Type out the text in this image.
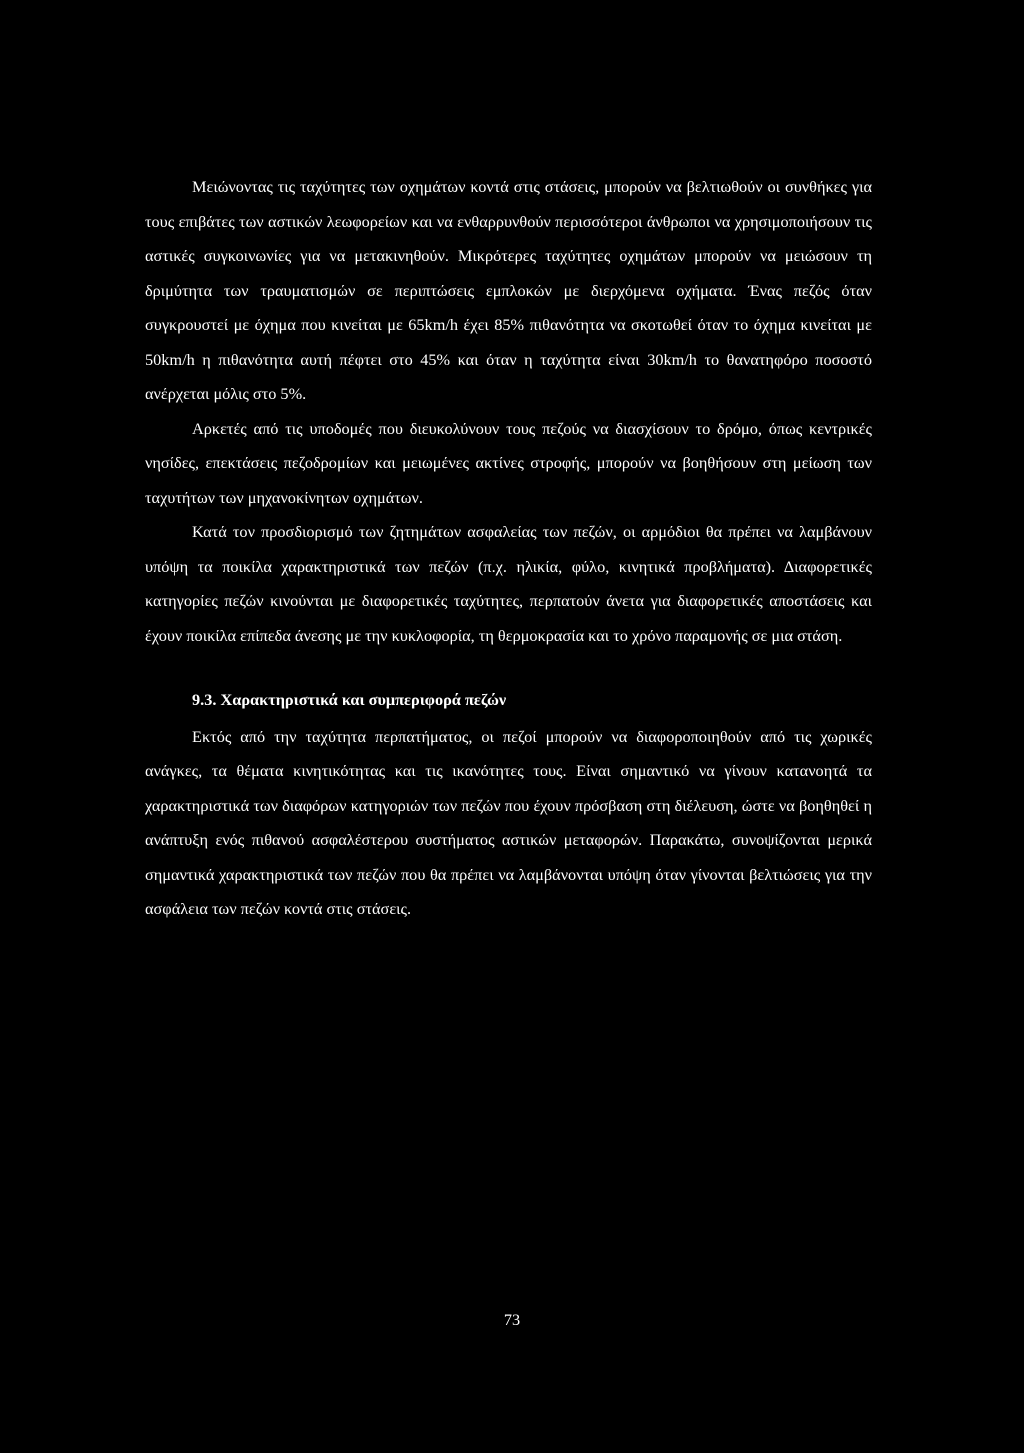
Μειώνοντας τις ταχύτητες των οχημάτων κοντά στις στάσεις, μπορούν να βελτιωθούν οι συνθήκες για τους επιβάτες των αστικών λεωφορείων και να ενθαρρυνθούν περισσότεροι άνθρωποι να χρησιμοποιήσουν τις αστικές συγκοινωνίες για να μετακινηθούν. Μικρότερες ταχύτητες οχημάτων μπορούν να μειώσουν τη δριμύτητα των τραυματισμών σε περιπτώσεις εμπλοκών με διερχόμενα οχήματα. Ένας πεζός όταν συγκρουστεί με όχημα που κινείται με 65km/h έχει 85% πιθανότητα να σκοτωθεί όταν το όχημα κινείται με 50km/h η πιθανότητα αυτή πέφτει στο 45% και όταν η ταχύτητα είναι 30km/h το θανατηφόρο ποσοστό ανέρχεται μόλις στο 5%.

Αρκετές από τις υποδομές που διευκολύνουν τους πεζούς να διασχίσουν το δρόμο, όπως κεντρικές νησίδες, επεκτάσεις πεζοδρομίων και μειωμένες ακτίνες στροφής, μπορούν να βοηθήσουν στη μείωση των ταχυτήτων των μηχανοκίνητων οχημάτων.

Κατά τον προσδιορισμό των ζητημάτων ασφαλείας των πεζών, οι αρμόδιοι θα πρέπει να λαμβάνουν υπόψη τα ποικίλα χαρακτηριστικά των πεζών (π.χ. ηλικία, φύλο, κινητικά προβλήματα). Διαφορετικές κατηγορίες πεζών κινούνται με διαφορετικές ταχύτητες, περπατούν άνετα για διαφορετικές αποστάσεις και έχουν ποικίλα επίπεδα άνεσης με την κυκλοφορία, τη θερμοκρασία και το χρόνο παραμονής σε μια στάση.

9.3. Χαρακτηριστικά και συμπεριφορά πεζών

Εκτός από την ταχύτητα περπατήματος, οι πεζοί μπορούν να διαφοροποιηθούν από τις χωρικές ανάγκες, τα θέματα κινητικότητας και τις ικανότητες τους. Είναι σημαντικό να γίνουν κατανοητά τα χαρακτηριστικά των διαφόρων κατηγοριών των πεζών που έχουν πρόσβαση στη διέλευση, ώστε να βοηθηθεί η ανάπτυξη ενός πιθανού ασφαλέστερου συστήματος αστικών μεταφορών. Παρακάτω, συνοψίζονται μερικά σημαντικά χαρακτηριστικά των πεζών που θα πρέπει να λαμβάνονται υπόψη όταν γίνονται βελτιώσεις για την ασφάλεια των πεζών κοντά στις στάσεις.

73
